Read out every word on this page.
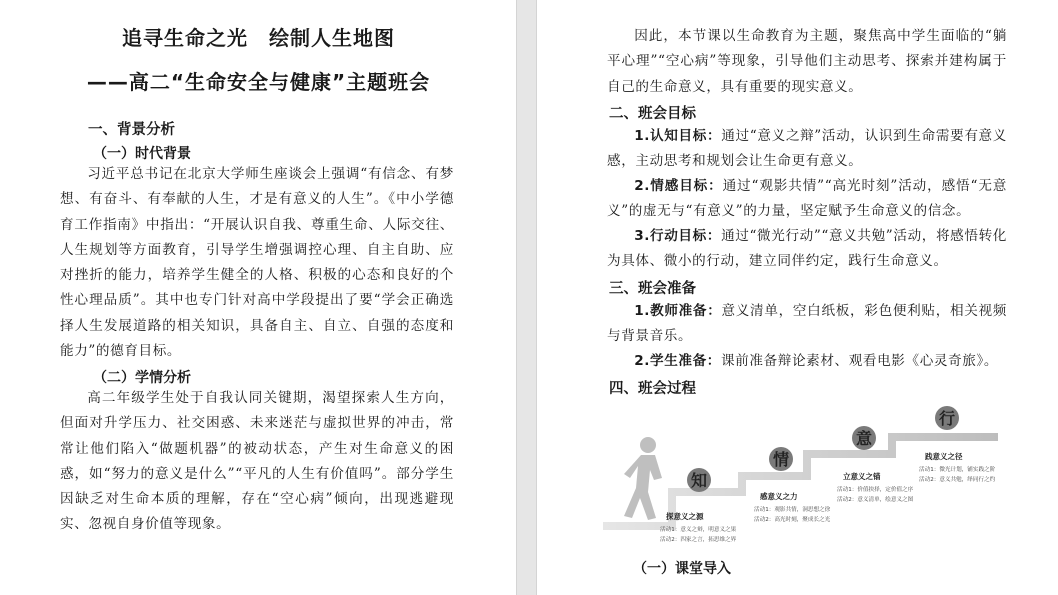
追寻生命之光　绘制人生地图
——高二“生命安全与健康”主题班会
一、背景分析
（一）时代背景
习近平总书记在北京大学师生座谈会上强调“有信念、有梦想、有奋斗、有奉献的人生，才是有意义的人生”。《中小学德育工作指南》中指出：“开展认识自我、尊重生命、人际交往、人生规划等方面教育，引导学生增强调控心理、自主自助、应对挫折的能力，培养学生健全的人格、积极的心态和良好的个性心理品质”。其中也专门针对高中学段提出了要“学会正确选择人生发展道路的相关知识，具备自主、自立、自强的态度和能力”的德育目标。
（二）学情分析
高二年级学生处于自我认同关键期，渴望探索人生方向，但面对升学压力、社交困惑、未来迷茫与虚拟世界的冲击，常常让他们陷入“做题机器”的被动状态，产生对生命意义的困惑，如“努力的意义是什么”“平凡的人生有价值吗”。部分学生因缺乏对生命本质的理解，存在“空心病”倾向，出现逃避现实、忽视自身价值等现象。
因此，本节课以生命教育为主题，聚焦高中学生面临的“躺平心理”“空心病”等现象，引导他们主动思考、探索并建构属于自己的生命意义，具有重要的现实意义。
二、班会目标
1.认知目标：通过“意义之辩”活动，认识到生命需要有意义感，主动思考和规划会让生命更有意义。
2.情感目标：通过“观影共情”“高光时刻”活动，感悟“无意义”的虚无与“有意义”的力量，坚定赋予生命意义的信念。
3.行动目标：通过“微光行动”“意义共勉”活动，将感悟转化为具体、微小的行动，建立同伴约定，践行生命意义。
三、班会准备
1.教师准备：意义清单，空白纸板，彩色便利贴，相关视频与背景音乐。
2.学生准备：课前准备辩论素材、观看电影《心灵奇旅》。
四、班会过程
（一）课堂导入
知
探意义之源
活动1：意义之辩，明意义之果
活动2：四家之言，拓思维之界
情
感意义之力
活动1：观影共情，洞思想之徐
活动2：高光时刻，聚成长之光
意
立意义之锚
活动1：价值抉择，定价值之序
活动2：意义清单，绘意义之图
行
践意义之径
活动1：微光计划，铺实践之阶
活动2：意义共勉，绎同行之约
